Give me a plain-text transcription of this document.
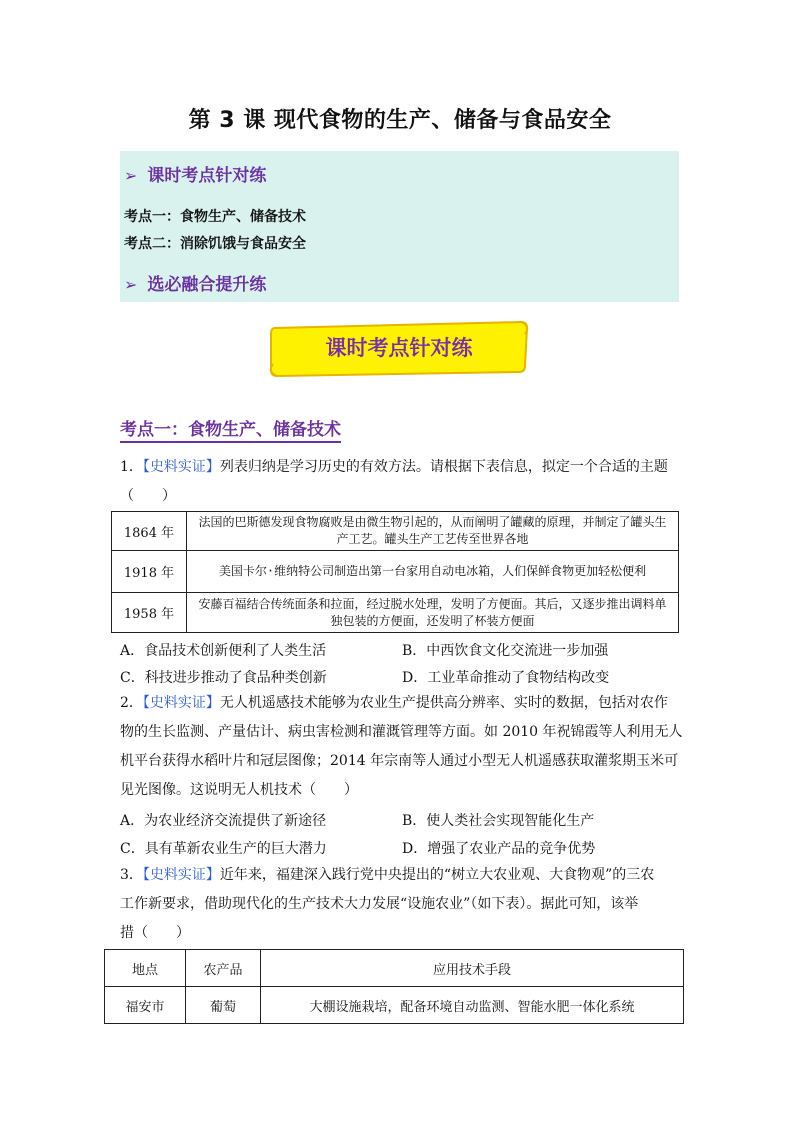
第 3 课 现代食物的生产、储备与食品安全
➢ 课时考点针对练
考点一：食物生产、储备技术
考点二：消除饥饿与食品安全
➢ 选必融合提升练
课时考点针对练
考点一：食物生产、储备技术
1．【史料实证】列表归纳是学习历史的有效方法。请根据下表信息，拟定一个合适的主题（　　）
1864 年	法国的巴斯德发现食物腐败是由微生物引起的，从而阐明了罐藏的原理，并制定了罐头生产工艺。罐头生产工艺传至世界各地
1918 年	美国卡尔·维纳特公司制造出第一台家用自动电冰箱，人们保鲜食物更加轻松便利
1958 年	安藤百福结合传统面条和拉面，经过脱水处理，发明了方便面。其后，又逐步推出调料单独包装的方便面，还发明了杯装方便面
A．食品技术创新便利了人类生活	B．中西饮食文化交流进一步加强
C．科技进步推动了食品种类创新	D．工业革命推动了食物结构改变
2．【史料实证】无人机遥感技术能够为农业生产提供高分辨率、实时的数据，包括对农作
物的生长监测、产量估计、病虫害检测和灌溉管理等方面。如 2010 年祝锦霞等人利用无人
机平台获得水稻叶片和冠层图像；2014 年宗南等人通过小型无人机遥感获取灌浆期玉米可
见光图像。这说明无人机技术（　　）
A．为农业经济交流提供了新途径	B．使人类社会实现智能化生产
C．具有革新农业生产的巨大潜力	D．增强了农业产品的竞争优势
3．【史料实证】近年来，福建深入践行党中央提出的“树立大农业观、大食物观”的三农
工作新要求，借助现代化的生产技术大力发展“设施农业”（如下表）。据此可知，该举
措（　　）
地点	农产品	应用技术手段
福安市	葡萄	大棚设施栽培，配备环境自动监测、智能水肥一体化系统
